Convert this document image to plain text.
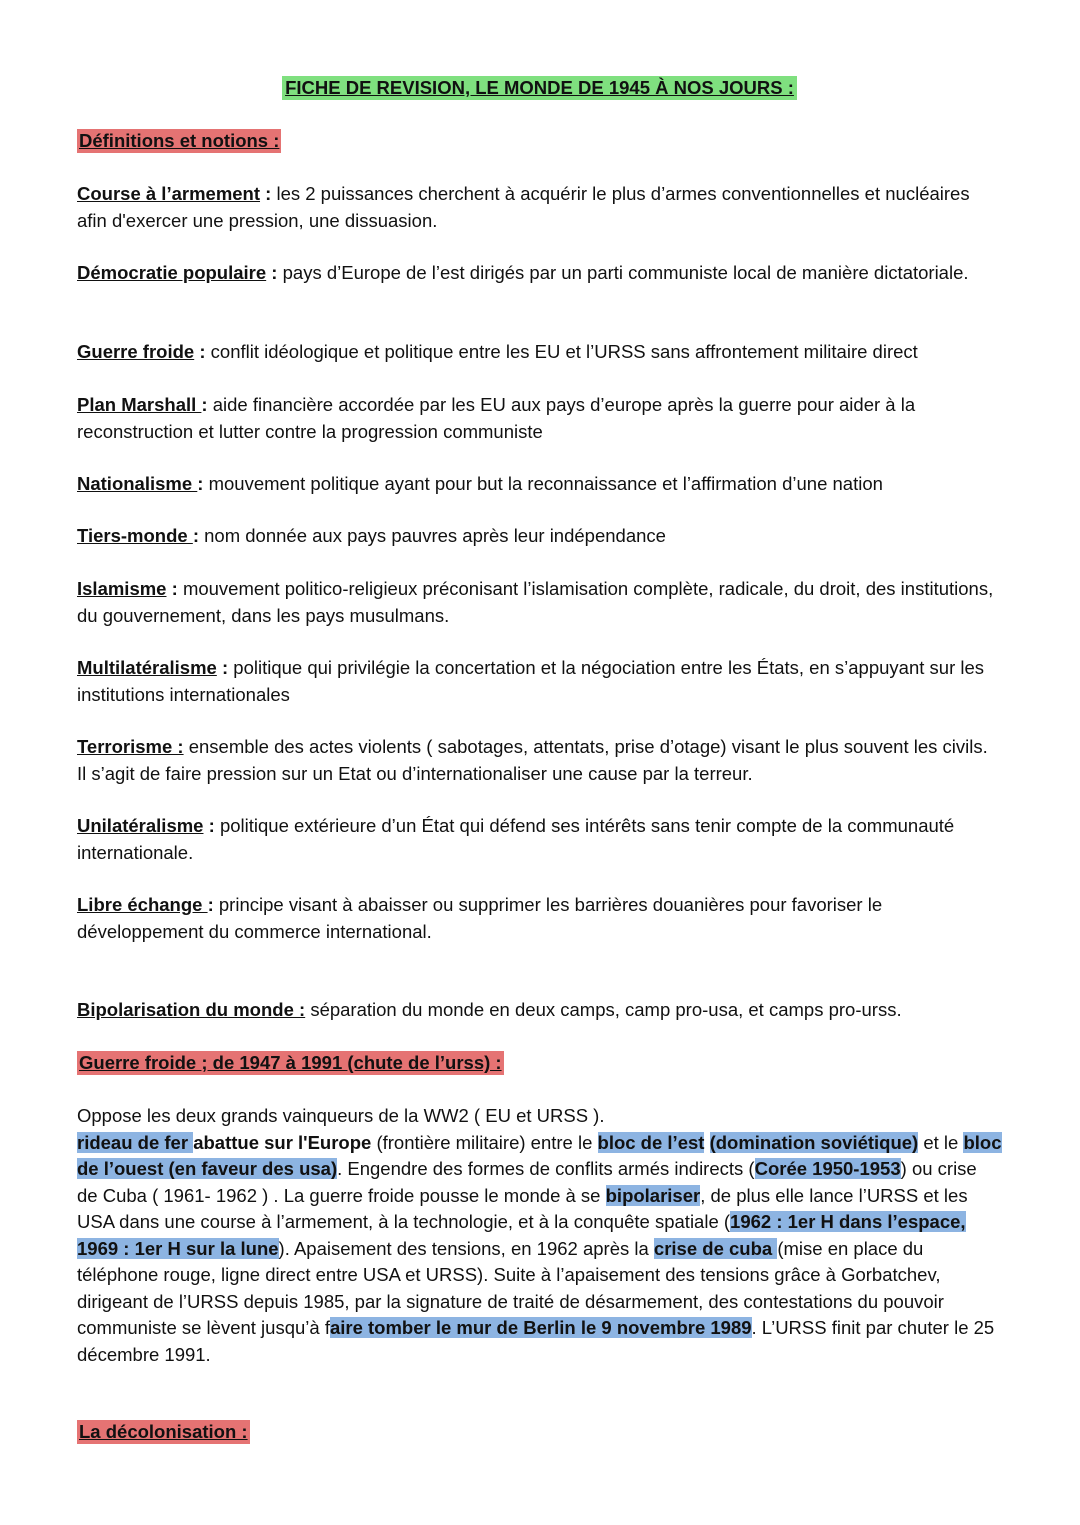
FICHE DE REVISION, LE MONDE DE 1945 À NOS JOURS :
Définitions et notions :

Course à l’armement : les 2 puissances cherchent à acquérir le plus d’armes conventionnelles et nucléaires afin d'exercer une pression, une dissuasion.

Démocratie populaire : pays d’Europe de l’est dirigés par un parti communiste local de manière dictatoriale.

Guerre froide : conflit idéologique et politique entre les EU et l’URSS sans affrontement militaire direct

Plan Marshall : aide financière accordée par les EU aux pays d’europe après la guerre pour aider à la reconstruction et lutter contre la progression communiste

Nationalisme : mouvement politique ayant pour but la reconnaissance et l’affirmation d’une nation

Tiers-monde : nom donnée aux pays pauvres après leur indépendance

Islamisme : mouvement politico-religieux préconisant l’islamisation complète, radicale, du droit, des institutions, du gouvernement, dans les pays musulmans.

Multilatéralisme : politique qui privilégie la concertation et la négociation entre les États, en s’appuyant sur les institutions internationales

Terrorisme : ensemble des actes violents ( sabotages, attentats, prise d’otage) visant le plus souvent les civils. Il s’agit de faire pression sur un Etat ou d’internationaliser une cause par la terreur.

Unilatéralisme : politique extérieure d’un État qui défend ses intérêts sans tenir compte de la communauté internationale.

Libre échange : principe visant à abaisser ou supprimer les barrières douanières pour favoriser le développement du commerce international.

Bipolarisation du monde : séparation du monde en deux camps, camp pro-usa, et camps pro-urss.

Guerre froide ; de 1947 à 1991 (chute de l’urss) :

Oppose les deux grands vainqueurs de la WW2 ( EU et URSS ).
rideau de fer abattue sur l'Europe (frontière militaire) entre le bloc de l’est (domination soviétique) et le bloc de l’ouest (en faveur des usa). Engendre des formes de conflits armés indirects (Corée 1950-1953) ou crise de Cuba ( 1961- 1962 ) . La guerre froide pousse le monde à se bipolariser, de plus elle lance l’URSS et les USA dans une course à l’armement, à la technologie, et à la conquête spatiale (1962 : 1er H dans l’espace, 1969 : 1er H sur la lune). Apaisement des tensions, en 1962 après la crise de cuba (mise en place du téléphone rouge, ligne direct entre USA et URSS). Suite à l’apaisement des tensions grâce à Gorbatchev, dirigeant de l’URSS depuis 1985, par la signature de traité de désarmement, des contestations du pouvoir communiste se lèvent jusqu’à faire tomber le mur de Berlin le 9 novembre 1989. L’URSS finit par chuter le 25 décembre 1991.

La décolonisation :
